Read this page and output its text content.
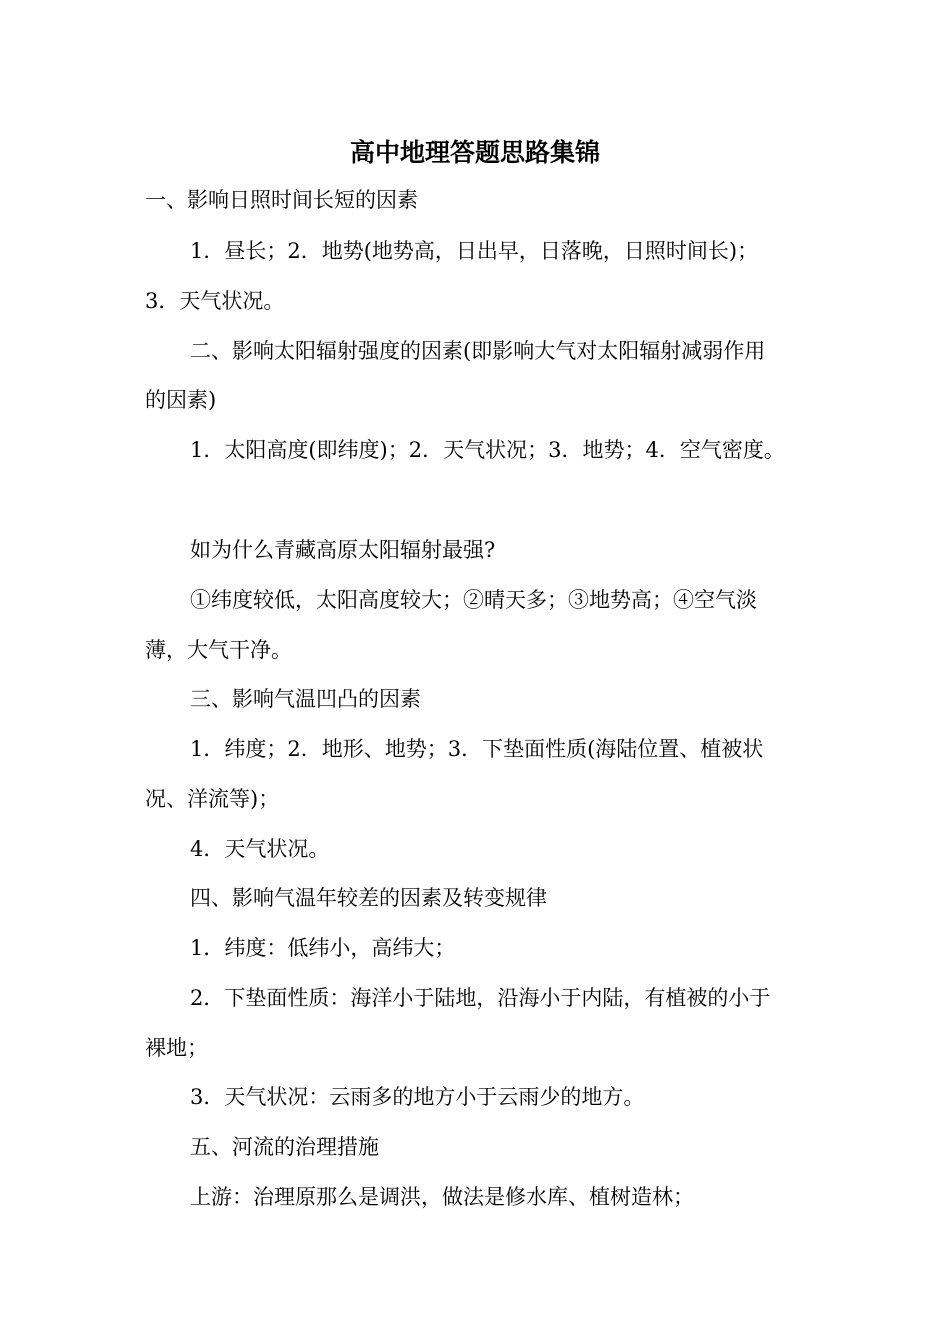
高中地理答题思路集锦
一、影响日照时间长短的因素
1．昼长；2．地势(地势高，日出早，日落晚，日照时间长)；
3．天气状况。
二、影响太阳辐射强度的因素(即影响大气对太阳辐射减弱作用
的因素)
1．太阳高度(即纬度)；2．天气状况；3．地势；4．空气密度。
如为什么青藏高原太阳辐射最强?
①纬度较低，太阳高度较大；②晴天多；③地势高；④空气淡
薄，大气干净。
三、影响气温凹凸的因素
1．纬度；2．地形、地势；3．下垫面性质(海陆位置、植被状
况、洋流等)；
4．天气状况。
四、影响气温年较差的因素及转变规律
1．纬度：低纬小，高纬大；
2．下垫面性质：海洋小于陆地，沿海小于内陆，有植被的小于
裸地；
3．天气状况：云雨多的地方小于云雨少的地方。
五、河流的治理措施
上游：治理原那么是调洪，做法是修水库、植树造林；
